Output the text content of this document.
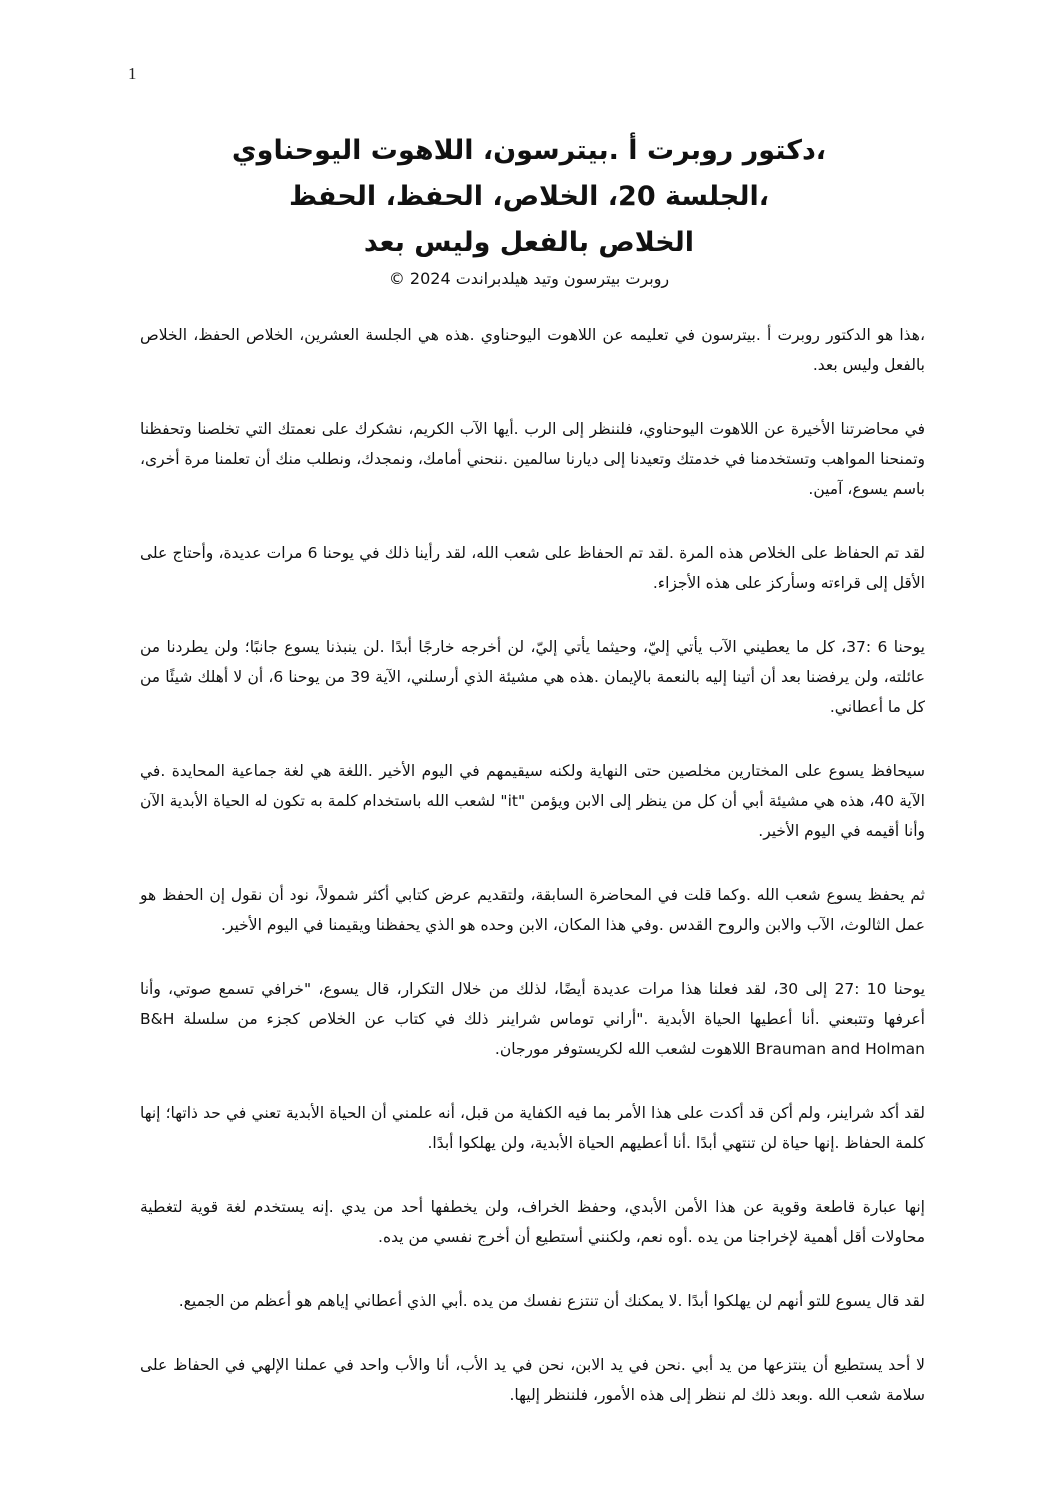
1
،دكتور روبرت أ .بيترسون، اللاهوت اليوحناوي
،الجلسة 20، الخلاص، الحفظ، الحفظ
الخلاص بالفعل وليس بعد
روبرت بيترسون وتيد هيلدبراندت 2024 ©

،هذا هو الدكتور روبرت أ .بيترسون في تعليمه عن اللاهوت اليوحناوي .هذه هي الجلسة العشرين، الخلاص الحفظ، الخلاص بالفعل وليس بعد.

في محاضرتنا الأخيرة عن اللاهوت اليوحناوي، فلننظر إلى الرب .أيها الآب الكريم، نشكرك على نعمتك التي تخلصنا وتحفظنا وتمنحنا المواهب وتستخدمنا في خدمتك وتعيدنا إلى ديارنا سالمين .ننحني أمامك، ونمجدك، ونطلب منك أن تعلمنا مرة أخرى، باسم يسوع، آمين.

لقد تم الحفاظ على الخلاص هذه المرة .لقد تم الحفاظ على شعب الله، لقد رأينا ذلك في يوحنا 6 مرات عديدة، وأحتاج على الأقل إلى قراءته وسأركز على هذه الأجزاء.

يوحنا 6 :37، كل ما يعطيني الآب يأتي إليّ، وحيثما يأتي إليّ، لن أخرجه خارجًا أبدًا .لن ينبذنا يسوع جانبًا؛ ولن يطردنا من عائلته، ولن يرفضنا بعد أن أتينا إليه بالنعمة بالإيمان .هذه هي مشيئة الذي أرسلني، الآية 39 من يوحنا 6، أن لا أهلك شيئًا من كل ما أعطاني.

سيحافظ يسوع على المختارين مخلصين حتى النهاية ولكنه سيقيمهم في اليوم الأخير .اللغة هي لغة جماعية المحايدة .في الآية 40، هذه هي مشيئة أبي أن كل من ينظر إلى الابن ويؤمن "it" لشعب الله باستخدام كلمة به تكون له الحياة الأبدية الآن وأنا أقيمه في اليوم الأخير.

ثم يحفظ يسوع شعب الله .وكما قلت في المحاضرة السابقة، ولتقديم عرض كتابي أكثر شمولاً، نود أن نقول إن الحفظ هو عمل الثالوث، الآب والابن والروح القدس .وفي هذا المكان، الابن وحده هو الذي يحفظنا ويقيمنا في اليوم الأخير.

يوحنا 10 :27 إلى 30، لقد فعلنا هذا مرات عديدة أيضًا، لذلك من خلال التكرار، قال يسوع، "خرافي تسمع صوتي، وأنا أعرفها وتتبعني .أنا أعطيها الحياة الأبدية ."أراني توماس شراينر ذلك في كتاب عن الخلاص كجزء من سلسلة B&H Brauman and Holman اللاهوت لشعب الله لكريستوفر مورجان.

لقد أكد شراينر، ولم أكن قد أكدت على هذا الأمر بما فيه الكفاية من قبل، أنه علمني أن الحياة الأبدية تعني في حد ذاتها؛ إنها كلمة الحفاظ .إنها حياة لن تنتهي أبدًا .أنا أعطيهم الحياة الأبدية، ولن يهلكوا أبدًا.

إنها عبارة قاطعة وقوية عن هذا الأمن الأبدي، وحفظ الخراف، ولن يخطفها أحد من يدي .إنه يستخدم لغة قوية لتغطية محاولات أقل أهمية لإخراجنا من يده .أوه نعم، ولكنني أستطيع أن أخرج نفسي من يده.

لقد قال يسوع للتو أنهم لن يهلكوا أبدًا .لا يمكنك أن تنتزع نفسك من يده .أبي الذي أعطاني إياهم هو أعظم من الجميع.

لا أحد يستطيع أن ينتزعها من يد أبي .نحن في يد الابن، نحن في يد الأب، أنا والأب واحد في عملنا الإلهي في الحفاظ على سلامة شعب الله .وبعد ذلك لم ننظر إلى هذه الأمور، فلننظر إليها.
